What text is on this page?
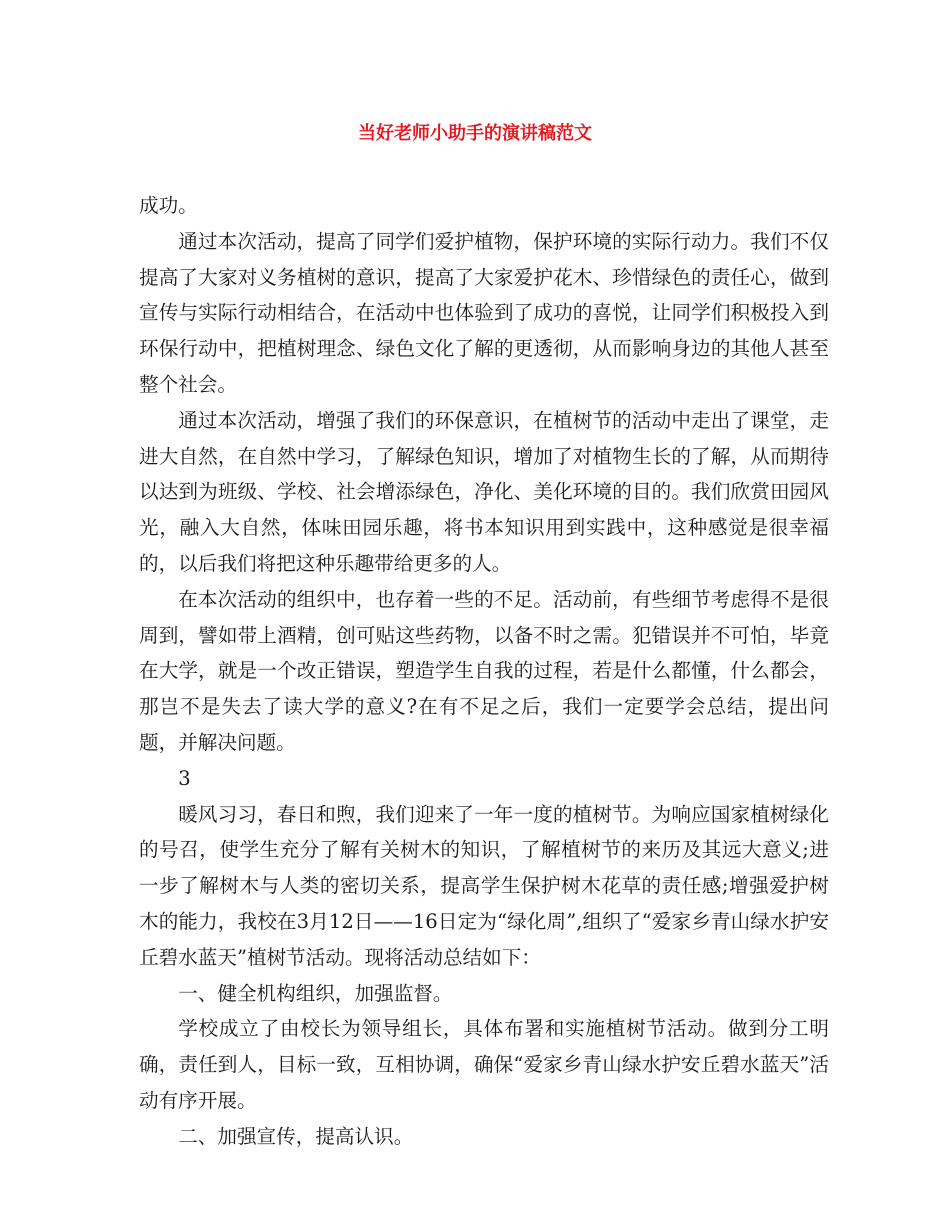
当好老师小助手的演讲稿范文

成功。

通过本次活动，提高了同学们爱护植物，保护环境的实际行动力。我们不仅提高了大家对义务植树的意识，提高了大家爱护花木、珍惜绿色的责任心，做到宣传与实际行动相结合，在活动中也体验到了成功的喜悦，让同学们积极投入到环保行动中，把植树理念、绿色文化了解的更透彻，从而影响身边的其他人甚至整个社会。

通过本次活动，增强了我们的环保意识，在植树节的活动中走出了课堂，走进大自然，在自然中学习，了解绿色知识，增加了对植物生长的了解，从而期待以达到为班级、学校、社会增添绿色，净化、美化环境的目的。我们欣赏田园风光，融入大自然，体味田园乐趣，将书本知识用到实践中，这种感觉是很幸福的，以后我们将把这种乐趣带给更多的人。

在本次活动的组织中，也存着一些的不足。活动前，有些细节考虑得不是很周到，譬如带上酒精，创可贴这些药物，以备不时之需。犯错误并不可怕，毕竟在大学，就是一个改正错误，塑造学生自我的过程，若是什么都懂，什么都会，那岂不是失去了读大学的意义?在有不足之后，我们一定要学会总结，提出问题，并解决问题。

3

暖风习习，春日和煦，我们迎来了一年一度的植树节。为响应国家植树绿化的号召，使学生充分了解有关树木的知识，了解植树节的来历及其远大意义;进一步了解树木与人类的密切关系，提高学生保护树木花草的责任感;增强爱护树木的能力，我校在3月12日——16日定为“绿化周”,组织了“爱家乡青山绿水护安丘碧水蓝天”植树节活动。现将活动总结如下：

一、健全机构组织，加强监督。

学校成立了由校长为领导组长，具体布署和实施植树节活动。做到分工明确，责任到人，目标一致，互相协调，确保“爱家乡青山绿水护安丘碧水蓝天”活动有序开展。

二、加强宣传，提高认识。
